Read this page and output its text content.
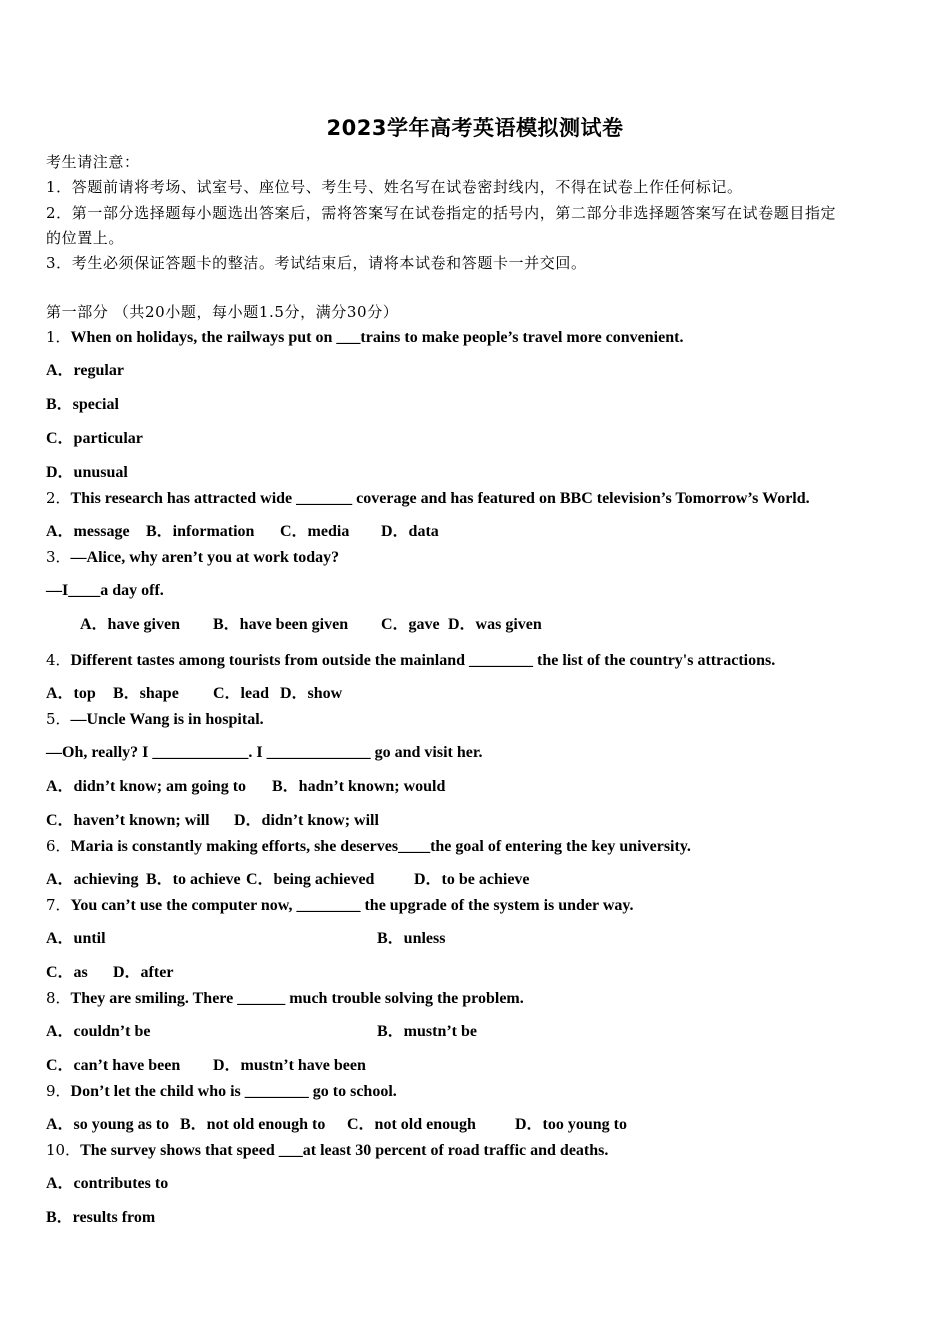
2023学年高考英语模拟测试卷
考生请注意：
1．答题前请将考场、试室号、座位号、考生号、姓名写在试卷密封线内，不得在试卷上作任何标记。
2．第一部分选择题每小题选出答案后，需将答案写在试卷指定的括号内，第二部分非选择题答案写在试卷题目指定
的位置上。
3．考生必须保证答题卡的整洁。考试结束后，请将本试卷和答题卡一并交回。
第一部分 （共20小题，每小题1.5分，满分30分）
1．When on holidays, the railways put on ___trains to make people’s travel more convenient.
A．regular
B．special
C．particular
D．unusual
2．This research has attracted wide _______ coverage and has featured on BBC television’s Tomorrow’s World.
A．message B．information C．media D．data
3．—Alice, why aren’t you at work today?
—I____a day off.
A．have given B．have been given C．gave D．was given
4．Different tastes among tourists from outside the mainland ________ the list of the country's attractions.
A．top B．shape C．lead D．show
5．—Uncle Wang is in hospital.
—Oh, really? I ____________. I _____________ go and visit her.
A．didn’t know; am going to B．hadn’t known; would
C．haven’t known; will D．didn’t know; will
6．Maria is constantly making efforts, she deserves____the goal of entering the key university.
A．achieving B．to achieve C．being achieved D．to be achieve
7．You can’t use the computer now, ________ the upgrade of the system is under way.
A．until	B．unless
C．as D．after
8．They are smiling. There ______ much trouble solving the problem.
A．couldn’t be	B．mustn’t be
C．can’t have been D．mustn’t have been
9．Don’t let the child who is ________ go to school.
A．so young as to B．not old enough to C．not old enough D．too young to
10．The survey shows that speed ___at least 30 percent of road traffic and deaths.
A．contributes to
B．results from
